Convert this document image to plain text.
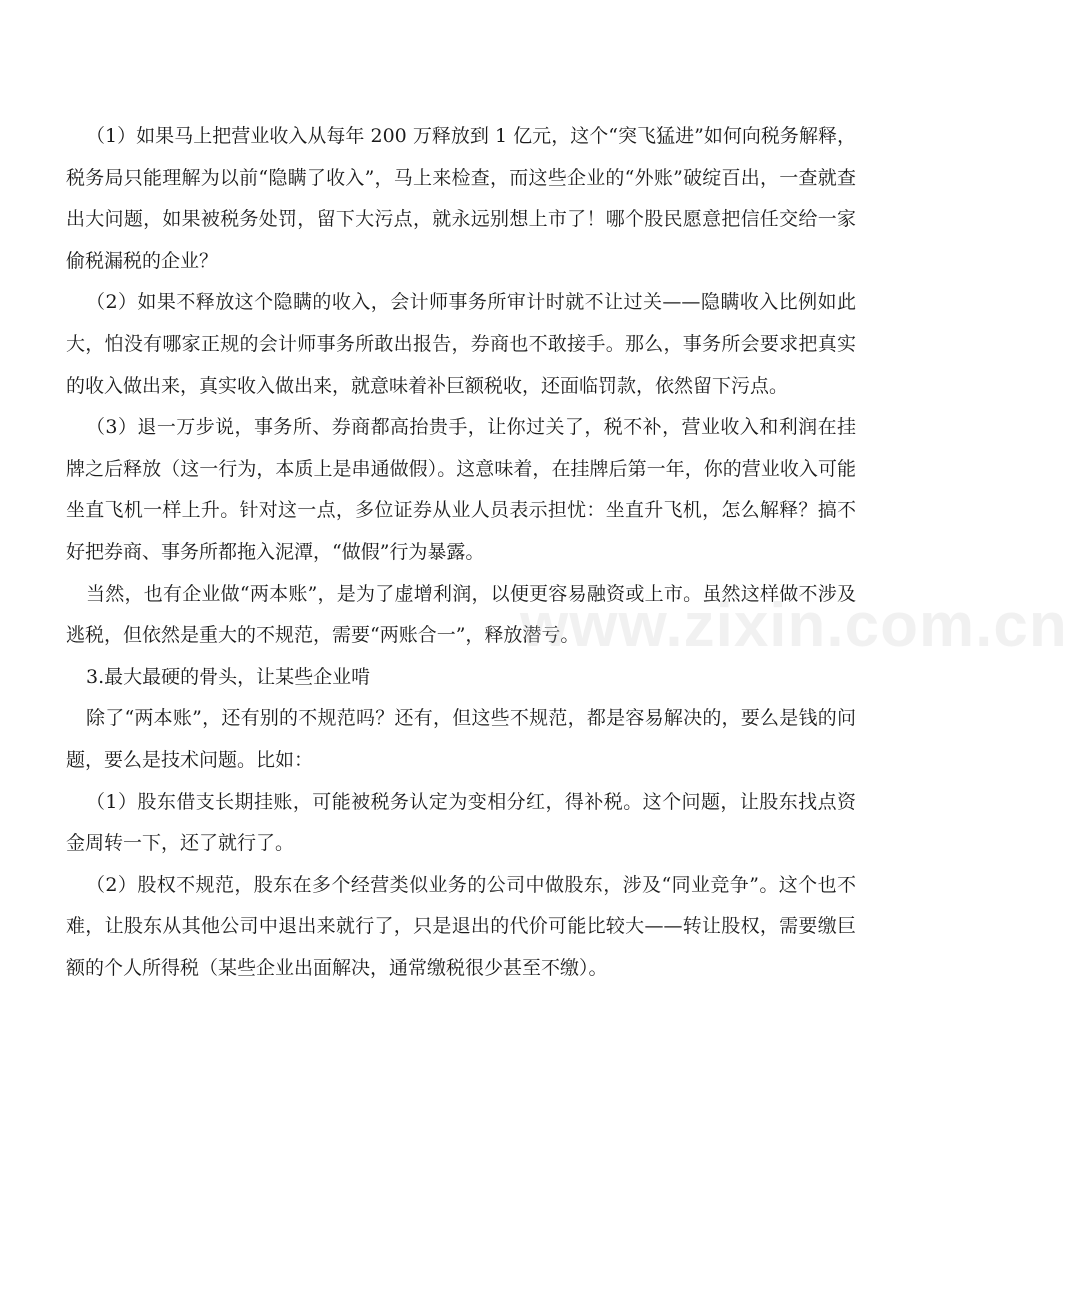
（1）如果马上把营业收入从每年 200 万释放到 1 亿元，这个“突飞猛进”如何向税务解释，税务局只能理解为以前“隐瞒了收入”，马上来检查，而这些企业的“外账”破绽百出，一查就查出大问题，如果被税务处罚，留下大污点，就永远别想上市了！哪个股民愿意把信任交给一家偷税漏税的企业？

（2）如果不释放这个隐瞒的收入，会计师事务所审计时就不让过关——隐瞒收入比例如此大，怕没有哪家正规的会计师事务所敢出报告，券商也不敢接手。那么，事务所会要求把真实的收入做出来，真实收入做出来，就意味着补巨额税收，还面临罚款，依然留下污点。

（3）退一万步说，事务所、券商都高抬贵手，让你过关了，税不补，营业收入和利润在挂牌之后释放（这一行为，本质上是串通做假）。这意味着，在挂牌后第一年，你的营业收入可能坐直飞机一样上升。针对这一点，多位证券从业人员表示担忧：坐直升飞机，怎么解释？搞不好把券商、事务所都拖入泥潭，“做假”行为暴露。

当然，也有企业做“两本账”，是为了虚增利润，以便更容易融资或上市。虽然这样做不涉及逃税，但依然是重大的不规范，需要“两账合一”，释放潜亏。

3.最大最硬的骨头，让某些企业啃

除了“两本账”，还有别的不规范吗？还有，但这些不规范，都是容易解决的，要么是钱的问题，要么是技术问题。比如：

（1）股东借支长期挂账，可能被税务认定为变相分红，得补税。这个问题，让股东找点资金周转一下，还了就行了。

（2）股权不规范，股东在多个经营类似业务的公司中做股东，涉及“同业竞争”。这个也不难，让股东从其他公司中退出来就行了，只是退出的代价可能比较大——转让股权，需要缴巨额的个人所得税（某些企业出面解决，通常缴税很少甚至不缴）。

www.zixin.com.cn
